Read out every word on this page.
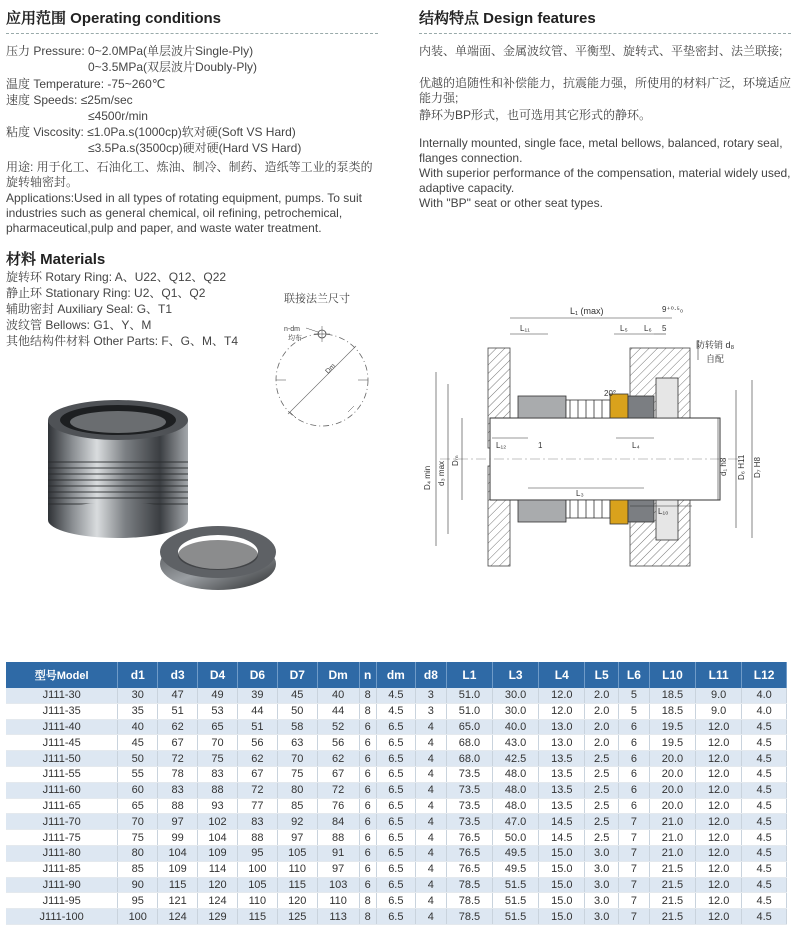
应用范围 Operating conditions
压力 Pressure: 0~2.0MPa(单层波片Single-Ply)
0~3.5MPa(双层波片Doubly-Ply)
温度 Temperature: -75~260℃
速度 Speeds: ≤25m/sec
≤4500r/min
粘度 Viscosity: ≤1.0Pa.s(1000cp)软对硬(Soft VS Hard)
≤3.5Pa.s(3500cp)硬对硬(Hard VS Hard)
用途: 用于化工、石油化工、炼油、制冷、制药、造纸等工业的泵类的旋转轴密封。
Applications:Used in all types of rotating equipment, pumps. To suit industries such as general chemical, oil refining, petrochemical, pharmaceutical,pulp and paper, and waste water treatment.
材料 Materials
旋转环 Rotary Ring: A、U22、Q12、Q22
静止环 Stationary Ring: U2、Q1、Q2
辅助密封 Auxiliary Seal: G、T1
波纹管 Bellows: G1、Y、M
其他结构件材料 Other Parts: F、G、M、T4
联接法兰尺寸
n-dm
均布
Dm
结构特点 Design features
内装、单端面、金属波纹管、平衡型、旋转式、平垫密封、法兰联接;
优越的追随性和补偿能力，抗震能力强，所使用的材料广泛，环境适应能力强;
静环为BP形式，也可选用其它形式的静环。
Internally mounted, single face, metal bellows, balanced, rotary seal, flanges connection.
With superior performance of the compensation, material widely used, adaptive capacity.
With "BP" seat or other seat types.
L₁ (max)	9⁺⁰·⁵₀
L₁₁	L₅ L₆ 5
防转销 d₈
自配
20°
L₁₂	1	L₄
L₃
L₁₀
D₄ min d₃ max
Dₘ	d₁ h8 D₆ H11 D₇ H8
型号Model	d1	d3	D4	D6	D7	Dm	n	dm	d8	L1	L3	L4	L5	L6	L10	L11	L12
J111-30	30	47	49	39	45	40	8	4.5	3	51.0	30.0	12.0	2.0	5	18.5	9.0	4.0
J111-35	35	51	53	44	50	44	8	4.5	3	51.0	30.0	12.0	2.0	5	18.5	9.0	4.0
J111-40	40	62	65	51	58	52	6	6.5	4	65.0	40.0	13.0	2.0	6	19.5	12.0	4.5
J111-45	45	67	70	56	63	56	6	6.5	4	68.0	43.0	13.0	2.0	6	19.5	12.0	4.5
J111-50	50	72	75	62	70	62	6	6.5	4	68.0	42.5	13.5	2.5	6	20.0	12.0	4.5
J111-55	55	78	83	67	75	67	6	6.5	4	73.5	48.0	13.5	2.5	6	20.0	12.0	4.5
J111-60	60	83	88	72	80	72	6	6.5	4	73.5	48.0	13.5	2.5	6	20.0	12.0	4.5
J111-65	65	88	93	77	85	76	6	6.5	4	73.5	48.0	13.5	2.5	6	20.0	12.0	4.5
J111-70	70	97	102	83	92	84	6	6.5	4	73.5	47.0	14.5	2.5	7	21.0	12.0	4.5
J111-75	75	99	104	88	97	88	6	6.5	4	76.5	50.0	14.5	2.5	7	21.0	12.0	4.5
J111-80	80	104	109	95	105	91	6	6.5	4	76.5	49.5	15.0	3.0	7	21.0	12.0	4.5
J111-85	85	109	114	100	110	97	6	6.5	4	76.5	49.5	15.0	3.0	7	21.5	12.0	4.5
J111-90	90	115	120	105	115	103	6	6.5	4	78.5	51.5	15.0	3.0	7	21.5	12.0	4.5
J111-95	95	121	124	110	120	110	8	6.5	4	78.5	51.5	15.0	3.0	7	21.5	12.0	4.5
J111-100	100	124	129	115	125	113	8	6.5	4	78.5	51.5	15.0	3.0	7	21.5	12.0	4.5
